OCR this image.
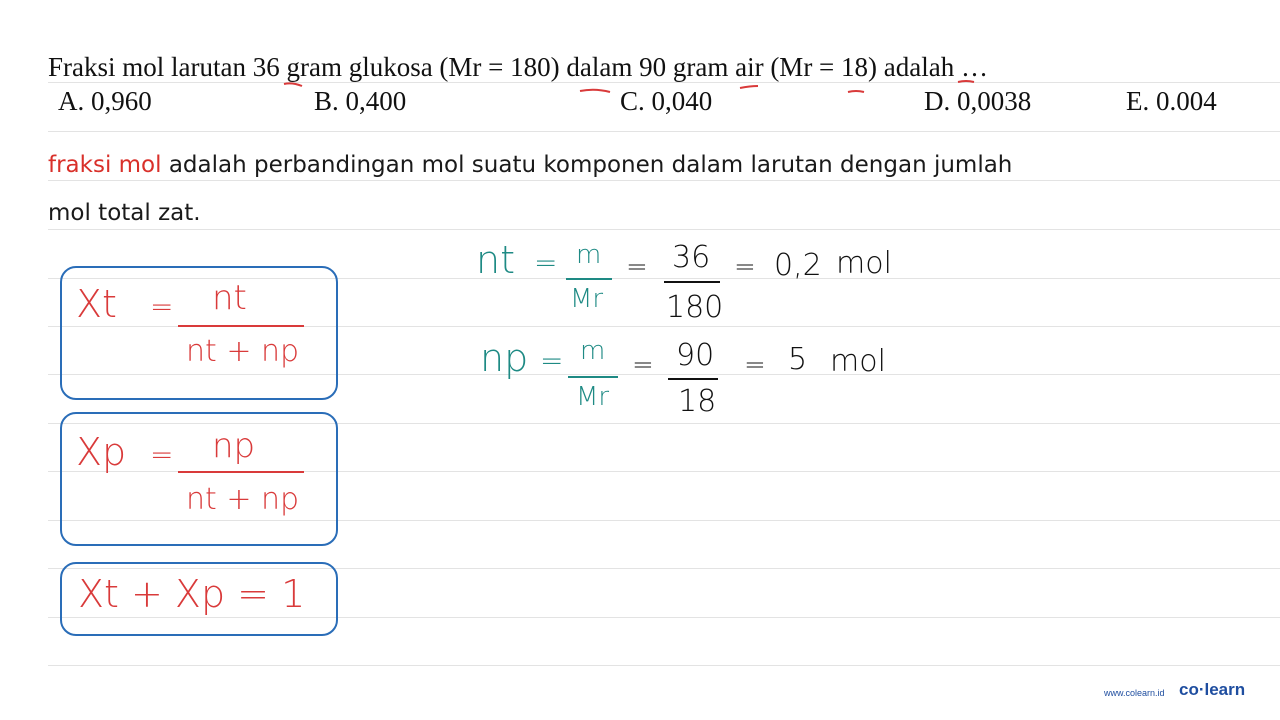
Fraksi mol larutan 36 gram glukosa (Mr = 180) dalam 90 gram air (Mr = 18) adalah …
A. 0,960	B. 0,400	C. 0,040	D. 0,0038	E. 0.004
fraksi mol adalah perbandingan mol suatu komponen dalam larutan dengan jumlah
mol total zat.
Xt = nt
nt + np
Xp = np
nt + np
Xt + Xp = 1
nt = m
Mr
= 36
180
= 0,2 mol
np = m
Mr
= 90
18
= 5 mol
www.colearn.id co·learn
